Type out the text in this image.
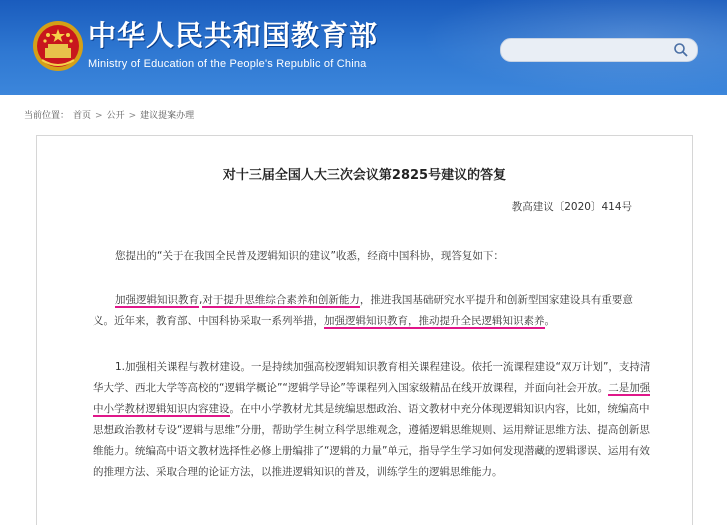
中华人民共和国教育部
Ministry of Education of the People's Republic of China
当前位置： 首页 > 公开 > 建议提案办理
对十三届全国人大三次会议第2825号建议的答复
教高建议〔2020〕414号

您提出的“关于在我国全民普及逻辑知识的建议”收悉，经商中国科协，现答复如下：

加强逻辑知识教育,对于提升思维综合素养和创新能力，推进我国基础研究水平提升和创新型国家建设具有重要意义。近年来，教育部、中国科协采取一系列举措，加强逻辑知识教育，推动提升全民逻辑知识素养。

1.加强相关课程与教材建设。一是持续加强高校逻辑知识教育相关课程建设。依托一流课程建设“双万计划”，支持清华大学、西北大学等高校的“逻辑学概论”“逻辑学导论”等课程列入国家级精品在线开放课程，并面向社会开放。二是加强中小学教材逻辑知识内容建设。在中小学教材尤其是统编思想政治、语文教材中充分体现逻辑知识内容，比如，统编高中思想政治教材专设“逻辑与思维”分册，帮助学生树立科学思维观念，遵循逻辑思维规则、运用辩证思维方法、提高创新思维能力。统编高中语文教材选择性必修上册编排了“逻辑的力量”单元，指导学生学习如何发现潜藏的逻辑谬误、运用有效的推理方法、采取合理的论证方法，以推进逻辑知识的普及，训练学生的逻辑思维能力。
